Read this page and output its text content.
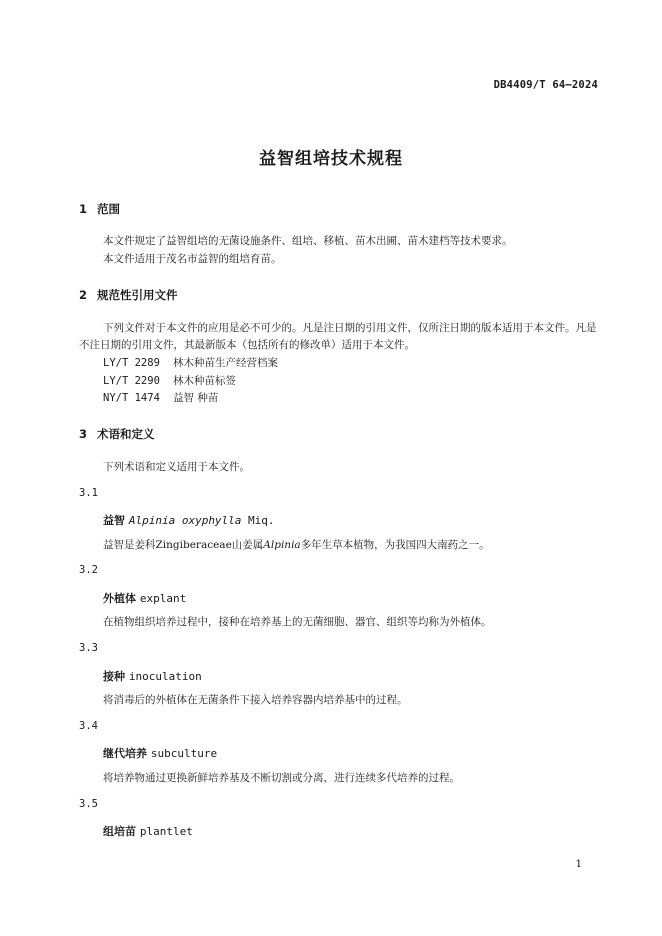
DB4409/T 64—2024
益智组培技术规程
1 范围
本文件规定了益智组培的无菌设施条件、组培、移植、苗木出圃、苗木建档等技术要求。
本文件适用于茂名市益智的组培育苗。
2 规范性引用文件
下列文件对于本文件的应用是必不可少的。凡是注日期的引用文件，仅所注日期的版本适用于本文件。凡是不注日期的引用文件，其最新版本（包括所有的修改单）适用于本文件。
LY/T 2289 林木种苗生产经营档案
LY/T 2290 林木种苗标签
NY/T 1474 益智 种苗
3 术语和定义
下列术语和定义适用于本文件。
3.1
益智 Alpinia oxyphylla Miq.
益智是姜科Zingiberaceae山姜属Alpinia多年生草本植物，为我国四大南药之一。
3.2
外植体 explant
在植物组织培养过程中，接种在培养基上的无菌细胞、器官、组织等均称为外植体。
3.3
接种 inoculation
将消毒后的外植体在无菌条件下接入培养容器内培养基中的过程。
3.4
继代培养 subculture
将培养物通过更换新鲜培养基及不断切割或分离，进行连续多代培养的过程。
3.5
组培苗 plantlet
1
